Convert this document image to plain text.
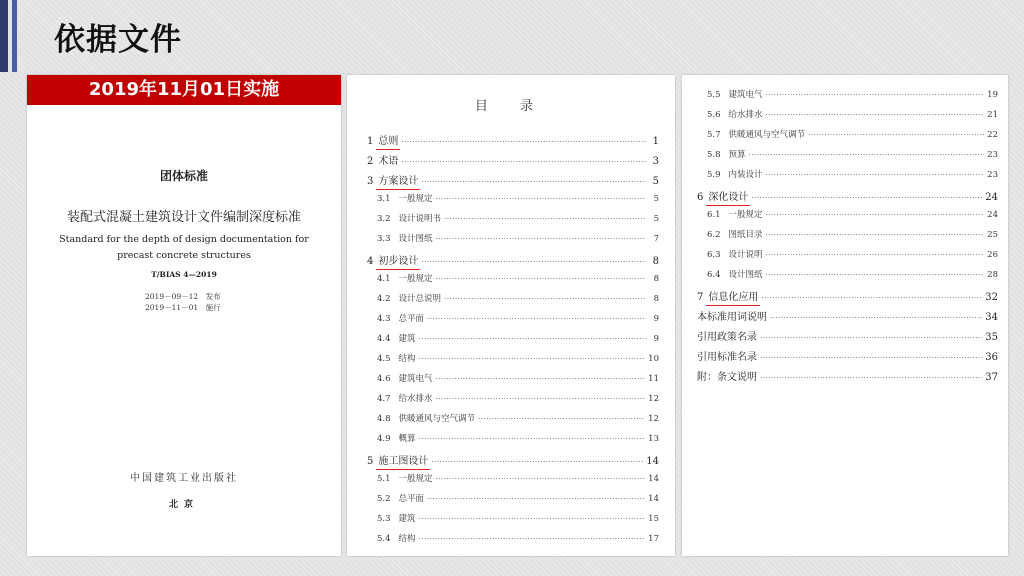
依据文件
2019年11月01日实施
团体标准
装配式混凝土建筑设计文件编制深度标准
Standard for the depth of design documentation for
precast concrete structures
T/BIAS 4—2019
2019－09－12　发布
2019－11－01　施行
中国建筑工业出版社
北京
目 录
1 总则 ·····	1
2 术语 ·····	3
3 方案设计 ·····	5
3.1 一般规定 ·····	5
3.2 设计说明书 ·····	5
3.3 设计图纸 ·····	7
4 初步设计 ·····	8
4.1 一般规定 ·····	8
4.2 设计总说明 ·····	8
4.3 总平面 ·····	9
4.4 建筑 ·····	9
4.5 结构 ·····	10
4.6 建筑电气 ·····	11
4.7 给水排水 ·····	12
4.8 供暖通风与空气调节 ·····	12
4.9 概算 ·····	13
5 施工图设计 ·····	14
5.1 一般规定 ·····	14
5.2 总平面 ·····	14
5.3 建筑 ·····	15
5.4 结构 ·····	17
5.5 建筑电气 ·····	19
5.6 给水排水 ·····	21
5.7 供暖通风与空气调节 ·····	22
5.8 预算 ·····	23
5.9 内装设计 ·····	23
6 深化设计 ·····	24
6.1 一般规定 ·····	24
6.2 图纸目录 ·····	25
6.3 设计说明 ·····	26
6.4 设计图纸 ·····	28
7 信息化应用 ·····	32
本标准用词说明 ·····	34
引用政策名录 ·····	35
引用标准名录 ·····	36
附：条文说明 ·····	37
